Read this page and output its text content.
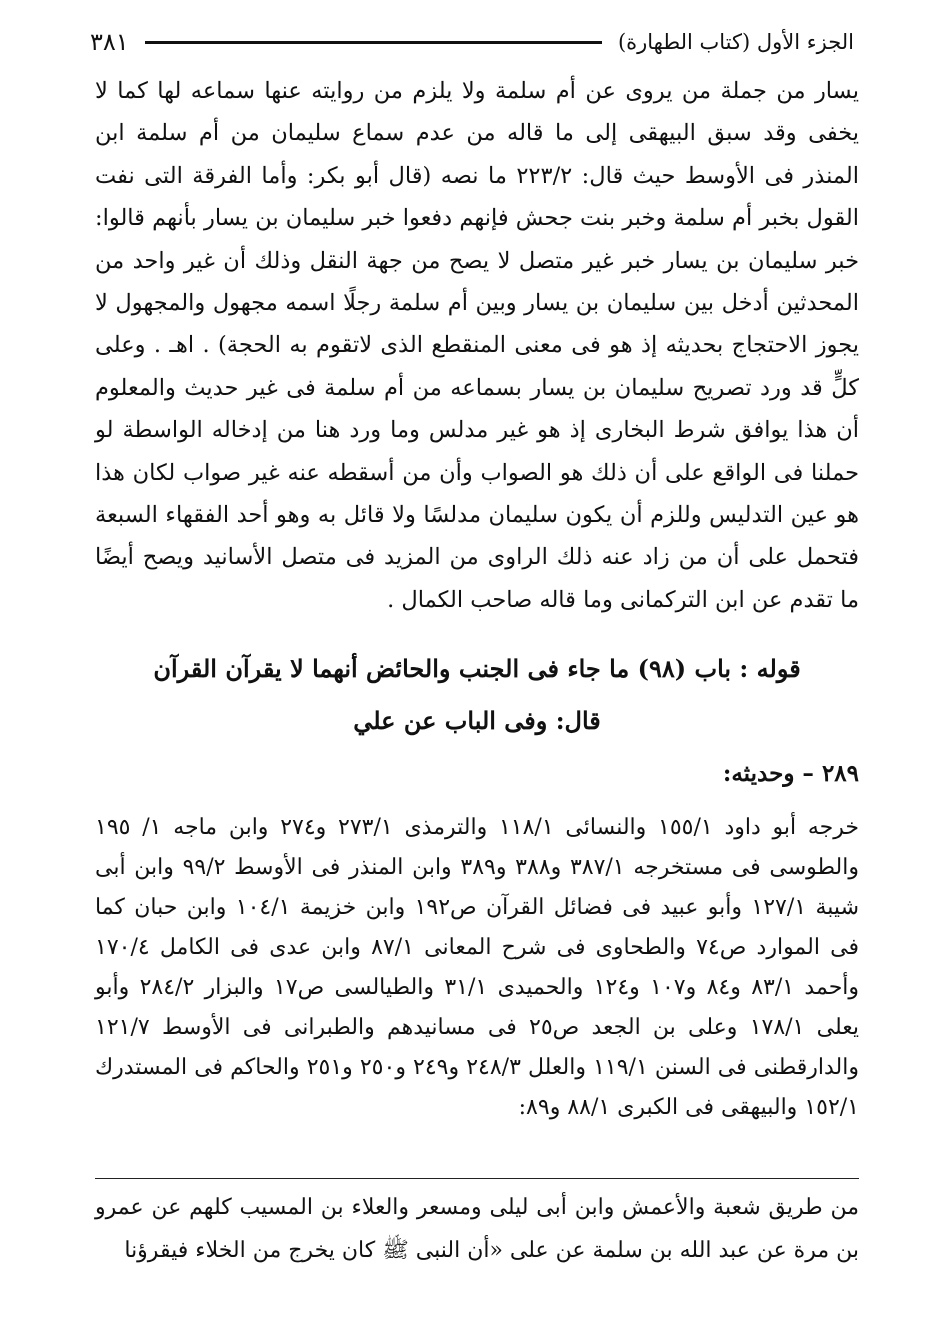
الجزء الأول (كتاب الطهارة)
٣٨١

يسار من جملة من يروى عن أم سلمة ولا يلزم من روايته عنها سماعه لها كما لا يخفى وقد سبق البيهقى إلى ما قاله من عدم سماع سليمان من أم سلمة ابن المنذر فى الأوسط حيث قال: ٢٢٣/٢ ما نصه (قال أبو بكر: وأما الفرقة التى نفت القول بخبر أم سلمة وخبر بنت جحش فإنهم دفعوا خبر سليمان بن يسار بأنهم قالوا: خبر سليمان بن يسار خبر غير متصل لا يصح من جهة النقل وذلك أن غير واحد من المحدثين أدخل بين سليمان بن يسار وبين أم سلمة رجلًا اسمه مجهول والمجهول لا يجوز الاحتجاج بحديثه إذ هو فى معنى المنقطع الذى لاتقوم به الحجة) . اهـ . وعلى كلٍّ قد ورد تصريح سليمان بن يسار بسماعه من أم سلمة فى غير حديث والمعلوم أن هذا يوافق شرط البخارى إذ هو غير مدلس وما ورد هنا من إدخاله الواسطة لو حملنا فى الواقع على أن ذلك هو الصواب وأن من أسقطه عنه غير صواب لكان هذا هو عين التدليس وللزم أن يكون سليمان مدلسًا ولا قائل به وهو أحد الفقهاء السبعة فتحمل على أن من زاد عنه ذلك الراوى من المزيد فى متصل الأسانيد ويصح أيضًا ما تقدم عن ابن التركمانى وما قاله صاحب الكمال .

قوله : باب (٩٨) ما جاء فى الجنب والحائض أنهما لا يقرآن القرآن
قال: وفى الباب عن علي
٢٨٩ – وحديثه:

خرجه أبو داود ١٥٥/١ والنسائى ١١٨/١ والترمذى ٢٧٣/١ و٢٧٤ وابن ماجه ١/ ١٩٥ والطوسى فى مستخرجه ٣٨٧/١ و٣٨٨ و٣٨٩ وابن المنذر فى الأوسط ٩٩/٢ وابن أبى شيبة ١٢٧/١ وأبو عبيد فى فضائل القرآن ص١٩٢ وابن خزيمة ١٠٤/١ وابن حبان كما فى الموارد ص٧٤ والطحاوى فى شرح المعانى ٨٧/١ وابن عدى فى الكامل ١٧٠/٤ وأحمد ٨٣/١ و٨٤ و١٠٧ و١٢٤ والحميدى ٣١/١ والطيالسى ص١٧ والبزار ٢٨٤/٢ وأبو يعلى ١٧٨/١ وعلى بن الجعد ص٢٥ فى مسانيدهم والطبرانى فى الأوسط ١٢١/٧ والدارقطنى فى السنن ١١٩/١ والعلل ٢٤٨/٣ و٢٤٩ و٢٥٠ و٢٥١ والحاكم فى المستدرك ١٥٢/١ والبيهقى فى الكبرى ٨٨/١ و٨٩:

من طريق شعبة والأعمش وابن أبى ليلى ومسعر والعلاء بن المسيب كلهم عن عمرو بن مرة عن عبد الله بن سلمة عن على «أن النبى ﷺ كان يخرج من الخلاء فيقرؤنا
